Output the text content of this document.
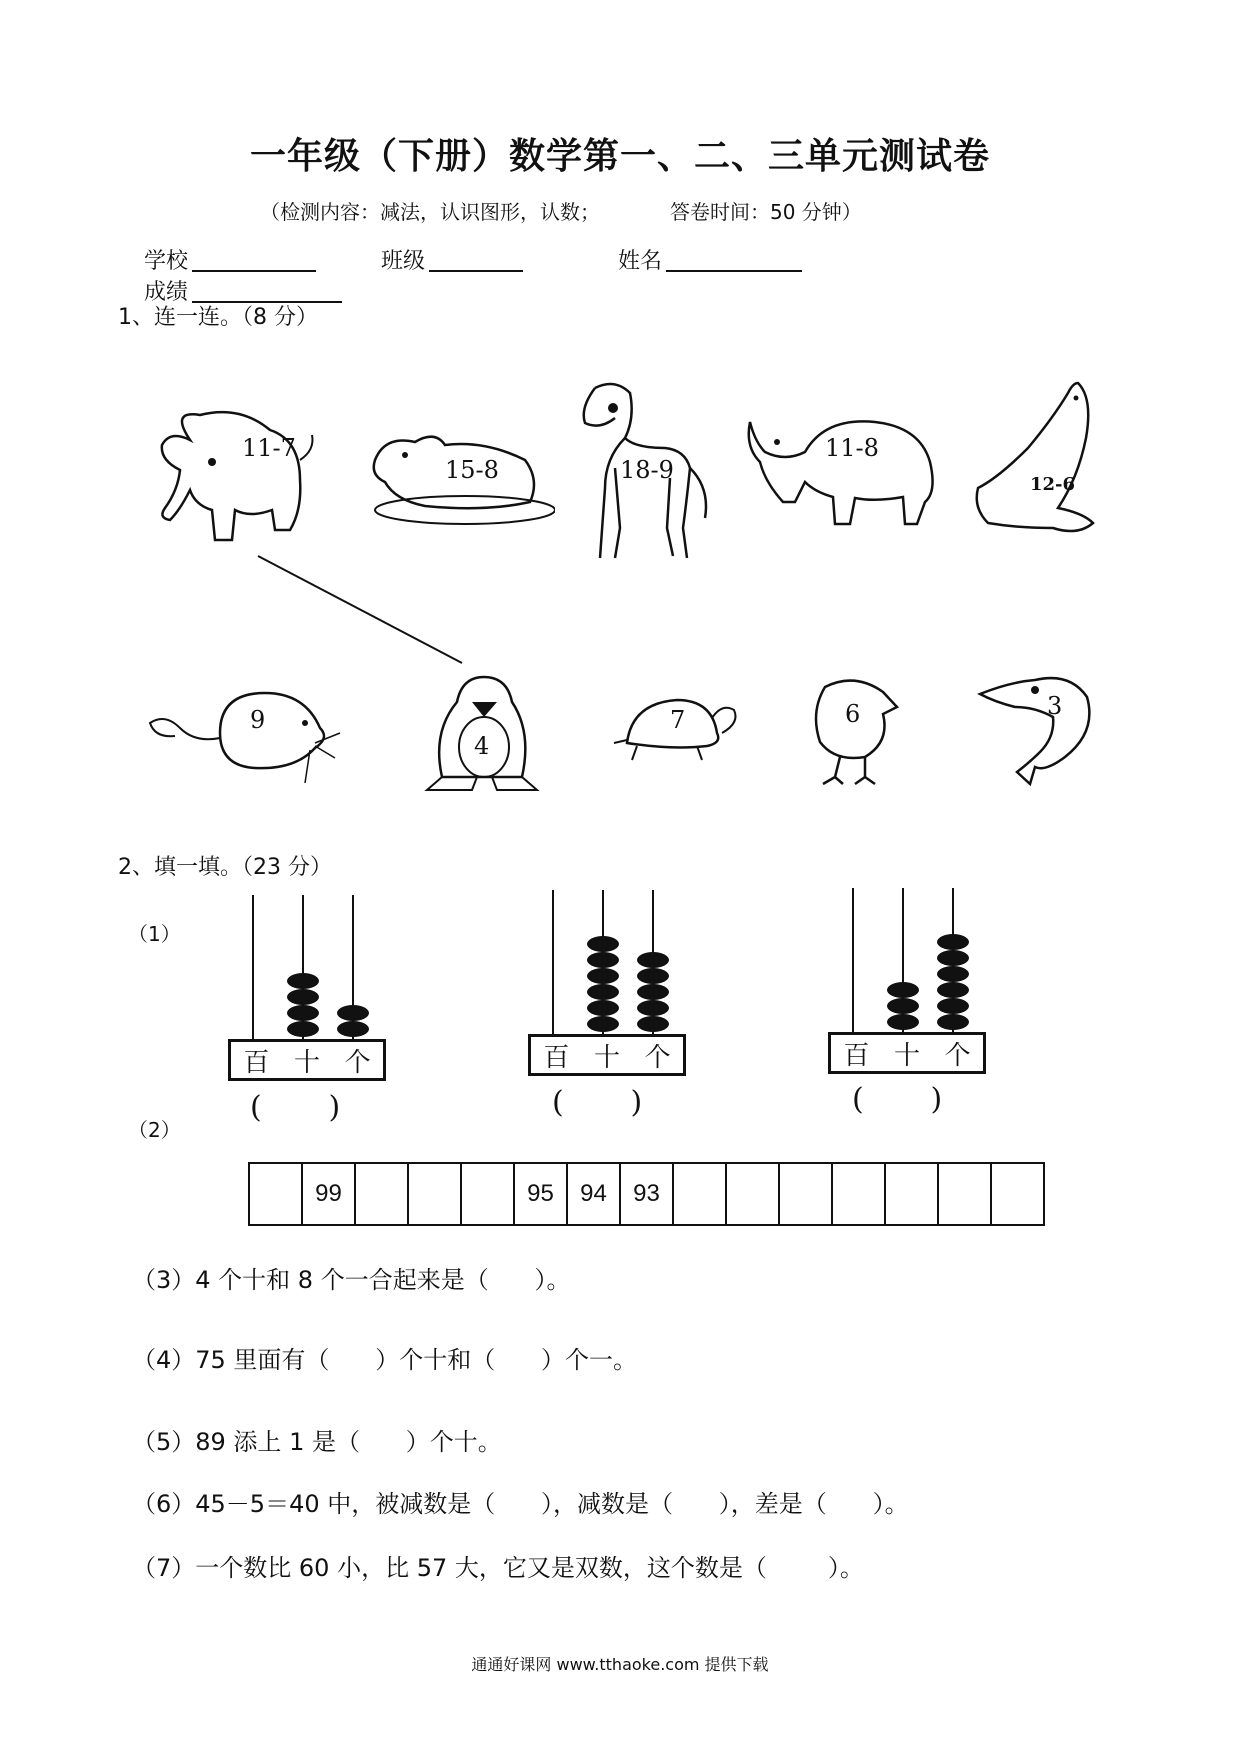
一年级（下册）数学第一、二、三单元测试卷
（检测内容：减法，认识图形，认数；	答卷时间：50 分钟）
学校	班级	姓名 成绩
1、连一连。（8 分）
11-7
15-8	18-9
11-8
12-6
9
4
7	6	3
2、填一填。（23 分）
（1）
（2）
百 十 个
(       )
百 十 个
(       )
百 十 个
(       )
	99				95	94	93							
（3）4 个十和 8 个一合起来是（      ）。
（4）75 里面有（      ）个十和（      ）个一。
（5）89 添上 1 是（      ）个十。
（6）45－5＝40 中，被减数是（      ），减数是（      ），差是（      ）。
（7）一个数比 60 小，比 57 大，它又是双数，这个数是（        ）。
通通好课网 www.tthaoke.com 提供下载
